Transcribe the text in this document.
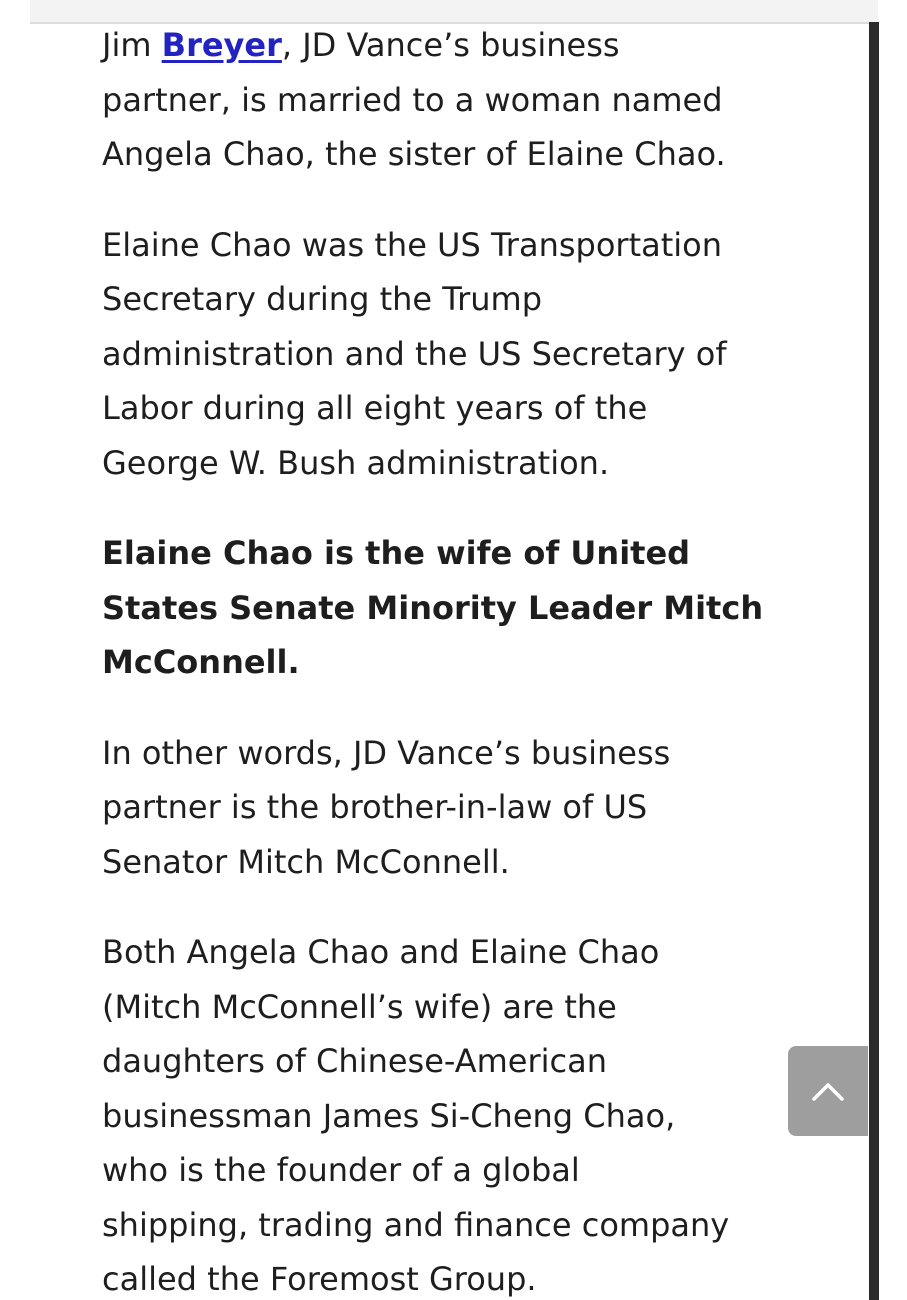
Jim Breyer, JD Vance’s business
partner, is married to a woman named
Angela Chao, the sister of Elaine Chao.

Elaine Chao was the US Transportation
Secretary during the Trump
administration and the US Secretary of
Labor during all eight years of the
George W. Bush administration.

Elaine Chao is the wife of United
States Senate Minority Leader Mitch
McConnell.

In other words, JD Vance’s business
partner is the brother-in-law of US
Senator Mitch McConnell.

Both Angela Chao and Elaine Chao
(Mitch McConnell’s wife) are the
daughters of Chinese-American
businessman James Si-Cheng Chao,
who is the founder of a global
shipping, trading and finance company
called the Foremost Group.
